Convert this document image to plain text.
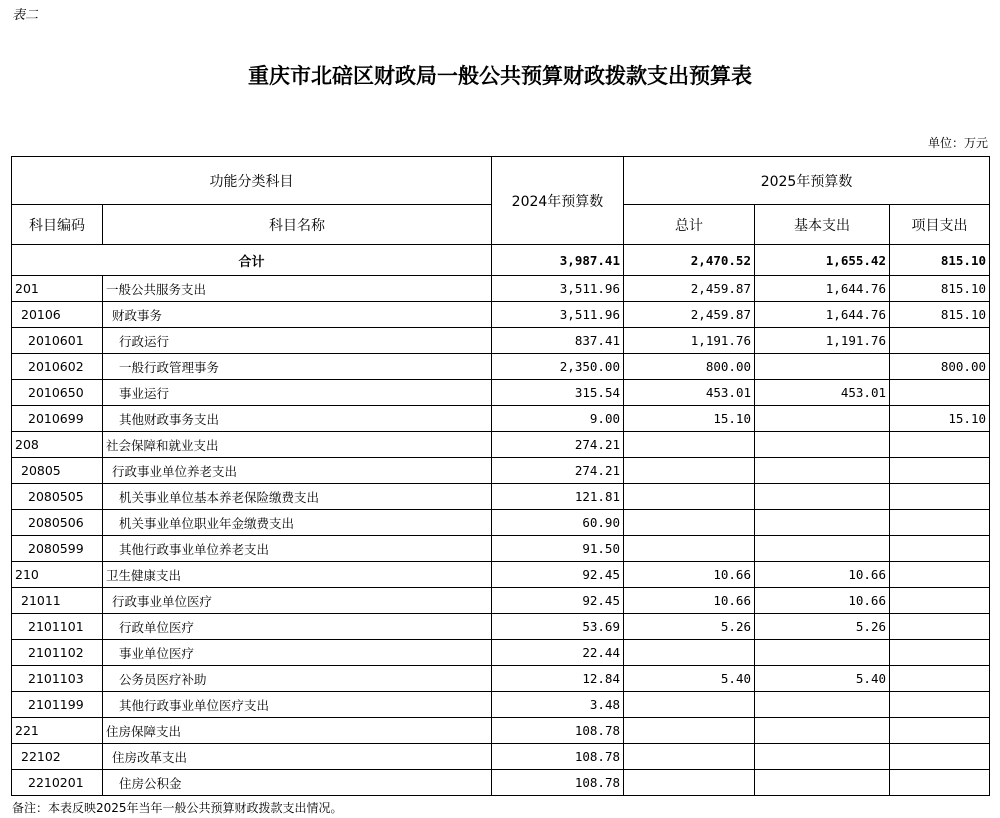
表二
重庆市北碚区财政局一般公共预算财政拨款支出预算表
单位：万元
功能分类科目		2024年预算数	2025年预算数		
科目编码	科目名称		总计	基本支出	项目支出
合计		3,987.41	2,470.52	1,655.42	815.10
201	一般公共服务支出	3,511.96	2,459.87	1,644.76	815.10
20106	财政事务	3,511.96	2,459.87	1,644.76	815.10
2010601	行政运行	837.41	1,191.76	1,191.76	
2010602	一般行政管理事务	2,350.00	800.00		800.00
2010650	事业运行	315.54	453.01	453.01	
2010699	其他财政事务支出	9.00	15.10		15.10
208	社会保障和就业支出	274.21			
20805	行政事业单位养老支出	274.21			
2080505	机关事业单位基本养老保险缴费支出	121.81			
2080506	机关事业单位职业年金缴费支出	60.90			
2080599	其他行政事业单位养老支出	91.50			
210	卫生健康支出	92.45	10.66	10.66	
21011	行政事业单位医疗	92.45	10.66	10.66	
2101101	行政单位医疗	53.69	5.26	5.26	
2101102	事业单位医疗	22.44			
2101103	公务员医疗补助	12.84	5.40	5.40	
2101199	其他行政事业单位医疗支出	3.48			
221	住房保障支出	108.78			
22102	住房改革支出	108.78			
2210201	住房公积金	108.78			
备注：本表反映2025年当年一般公共预算财政拨款支出情况。
